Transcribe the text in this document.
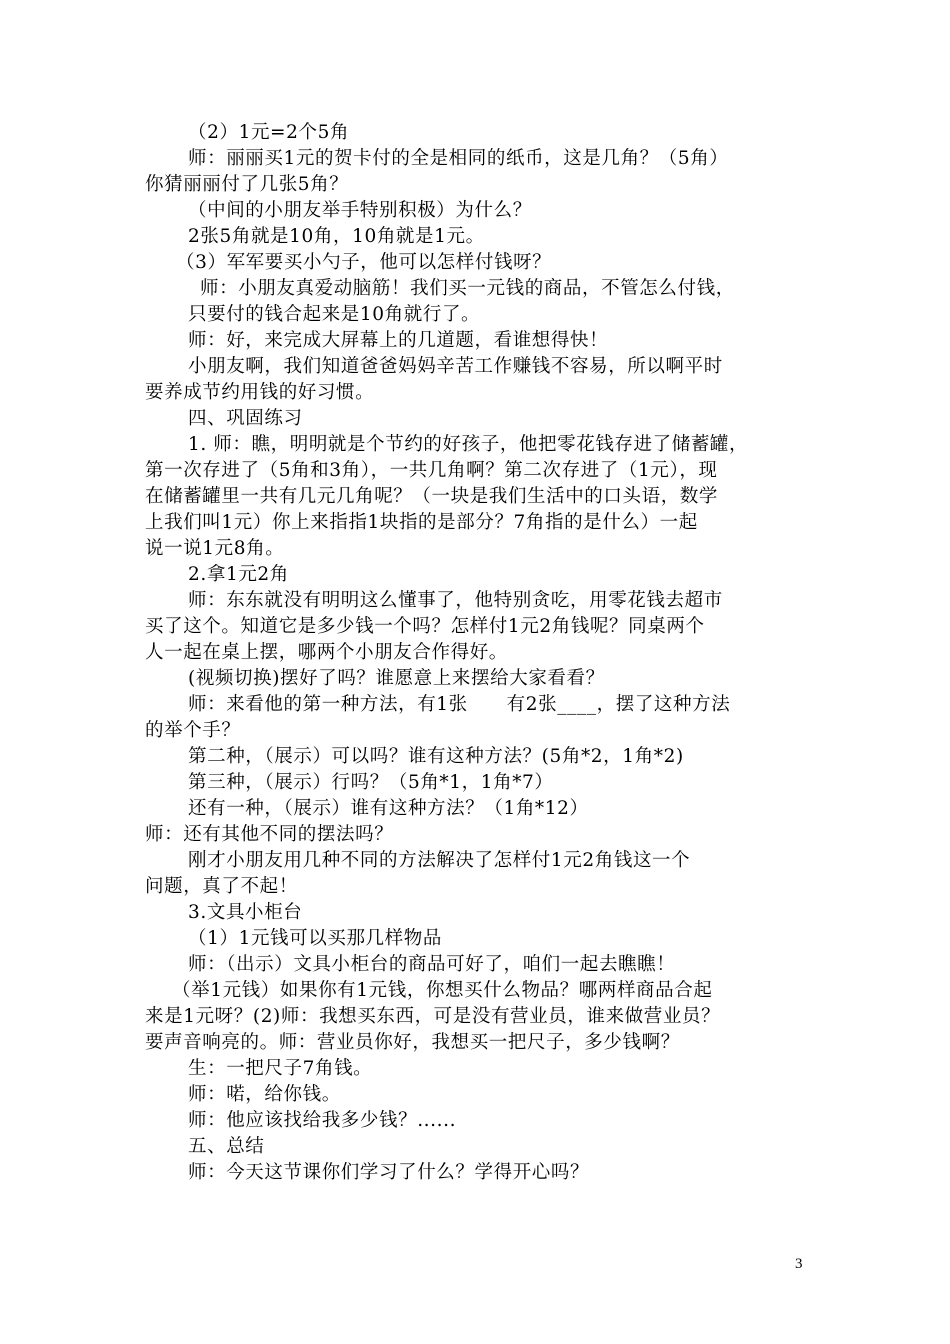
（2）1元=2个5角
师：丽丽买1元的贺卡付的全是相同的纸币，这是几角？（5角）
你猜丽丽付了几张5角？
（中间的小朋友举手特别积极）为什么？
2张5角就是10角，10角就是1元。
（3）军军要买小勺子，他可以怎样付钱呀？
师：小朋友真爱动脑筋！我们买一元钱的商品，不管怎么付钱，
只要付的钱合起来是10角就行了。
师：好，来完成大屏幕上的几道题，看谁想得快！
小朋友啊，我们知道爸爸妈妈辛苦工作赚钱不容易，所以啊平时
要养成节约用钱的好习惯。
四、巩固练习
1. 师：瞧，明明就是个节约的好孩子，他把零花钱存进了储蓄罐，
第一次存进了（5角和3角），一共几角啊？第二次存进了（1元），现
在储蓄罐里一共有几元几角呢？（一块是我们生活中的口头语，数学
上我们叫1元）你上来指指1块指的是部分？7角指的是什么）一起
说一说1元8角。
2.拿1元2角
师：东东就没有明明这么懂事了，他特别贪吃，用零花钱去超市
买了这个。知道它是多少钱一个吗？怎样付1元2角钱呢？同桌两个
人一起在桌上摆，哪两个小朋友合作得好。
(视频切换)摆好了吗？谁愿意上来摆给大家看看？
师：来看他的第一种方法，有1张      有2张____，摆了这种方法
的举个手？
第二种，（展示）可以吗？谁有这种方法？(5角*2，1角*2)
第三种，（展示）行吗？（5角*1，1角*7）
还有一种，（展示）谁有这种方法？（1角*12）
师：还有其他不同的摆法吗？
刚才小朋友用几种不同的方法解决了怎样付1元2角钱这一个
问题，真了不起！
3.文具小柜台
（1）1元钱可以买那几样物品
师：（出示）文具小柜台的商品可好了，咱们一起去瞧瞧！
（举1元钱）如果你有1元钱，你想买什么物品？哪两样商品合起
来是1元呀？(2)师：我想买东西，可是没有营业员，谁来做营业员？
要声音响亮的。师：营业员你好，我想买一把尺子，多少钱啊？
生：一把尺子7角钱。
师：喏，给你钱。
师：他应该找给我多少钱？......
五、总结
师：今天这节课你们学习了什么？学得开心吗？
3
